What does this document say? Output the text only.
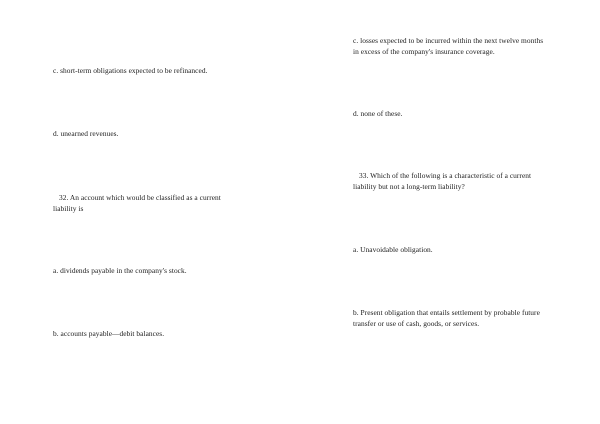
c. short-term obligations expected to be refinanced.
d. unearned revenues.
32. An account which would be classified as a current
liability is
a. dividends payable in the company's stock.
b. accounts payable—debit balances.
c. losses expected to be incurred within the next twelve months
in excess of the company's insurance coverage.
d. none of these.
33. Which of the following is a characteristic of a current
liability but not a long-term liability?
a. Unavoidable obligation.
b. Present obligation that entails settlement by probable future
transfer or use of cash, goods, or services.
